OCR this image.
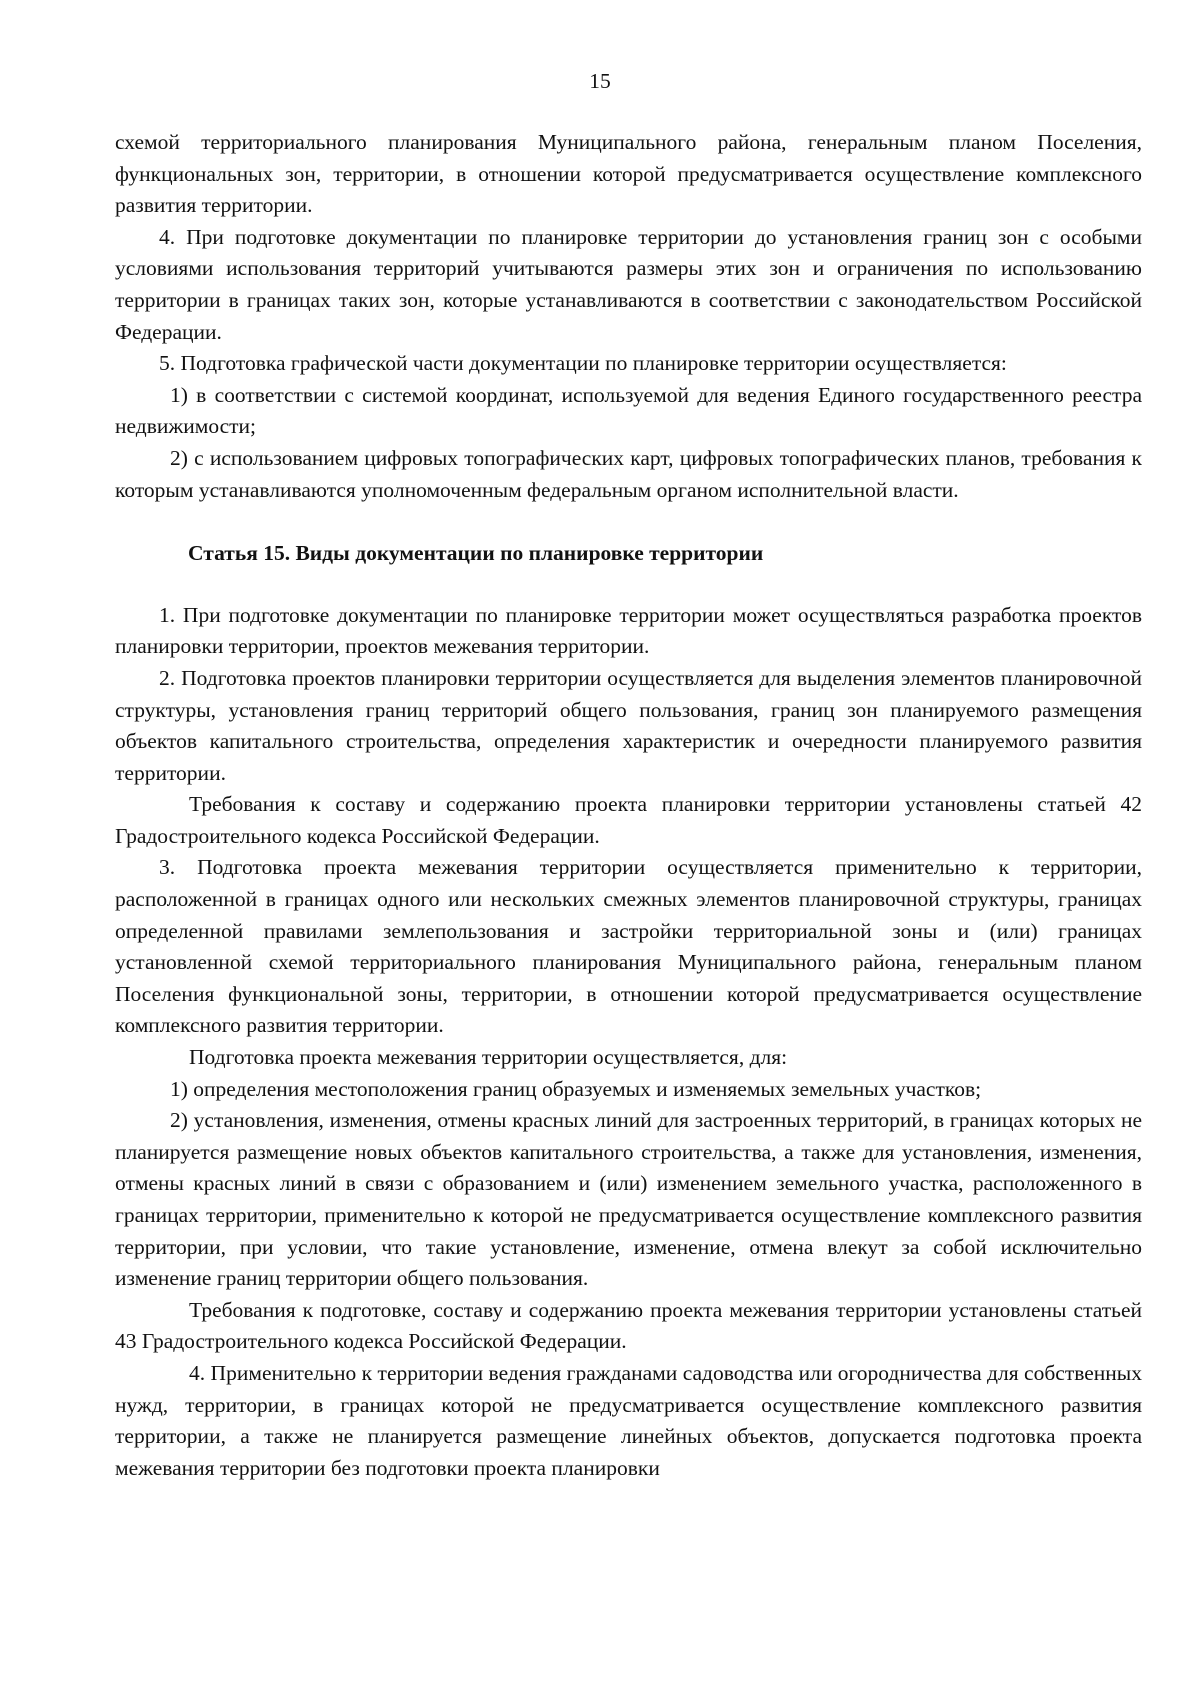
15

схемой территориального планирования Муниципального района, генеральным планом Поселения, функциональных зон, территории, в отношении которой предусматривается осуществление комплексного развития территории.

4. При подготовке документации по планировке территории до установления границ зон с особыми условиями использования территорий учитываются размеры этих зон и ограничения по использованию территории в границах таких зон, которые устанавливаются в соответствии с законодательством Российской Федерации.

5. Подготовка графической части документации по планировке территории осуществляется:

1) в соответствии с системой координат, используемой для ведения Единого государственного реестра недвижимости;

2) с использованием цифровых топографических карт, цифровых топографических планов, требования к которым устанавливаются уполномоченным федеральным органом исполнительной власти.

Статья 15. Виды документации по планировке территории

1. При подготовке документации по планировке территории может осуществляться разработка проектов планировки территории, проектов межевания территории.

2. Подготовка проектов планировки территории осуществляется для выделения элементов планировочной структуры, установления границ территорий общего пользования, границ зон планируемого размещения объектов капитального строительства, определения характеристик и очередности планируемого развития территории.

Требования к составу и содержанию проекта планировки территории установлены статьей 42 Градостроительного кодекса Российской Федерации.

3. Подготовка проекта межевания территории осуществляется применительно к территории, расположенной в границах одного или нескольких смежных элементов планировочной структуры, границах определенной правилами землепользования и застройки территориальной зоны и (или) границах установленной схемой территориального планирования Муниципального района, генеральным планом Поселения функциональной зоны, территории, в отношении которой предусматривается осуществление комплексного развития территории.

Подготовка проекта межевания территории осуществляется, для:

1) определения местоположения границ образуемых и изменяемых земельных участков;

2) установления, изменения, отмены красных линий для застроенных территорий, в границах которых не планируется размещение новых объектов капитального строительства, а также для установления, изменения, отмены красных линий в связи с образованием и (или) изменением земельного участка, расположенного в границах территории, применительно к которой не предусматривается осуществление комплексного развития территории, при условии, что такие установление, изменение, отмена влекут за собой исключительно изменение границ территории общего пользования.

Требования к подготовке, составу и содержанию проекта межевания территории установлены статьей 43 Градостроительного кодекса Российской Федерации.

4. Применительно к территории ведения гражданами садоводства или огородничества для собственных нужд, территории, в границах которой не предусматривается осуществление комплексного развития территории, а также не планируется размещение линейных объектов, допускается подготовка проекта межевания территории без подготовки проекта планировки
